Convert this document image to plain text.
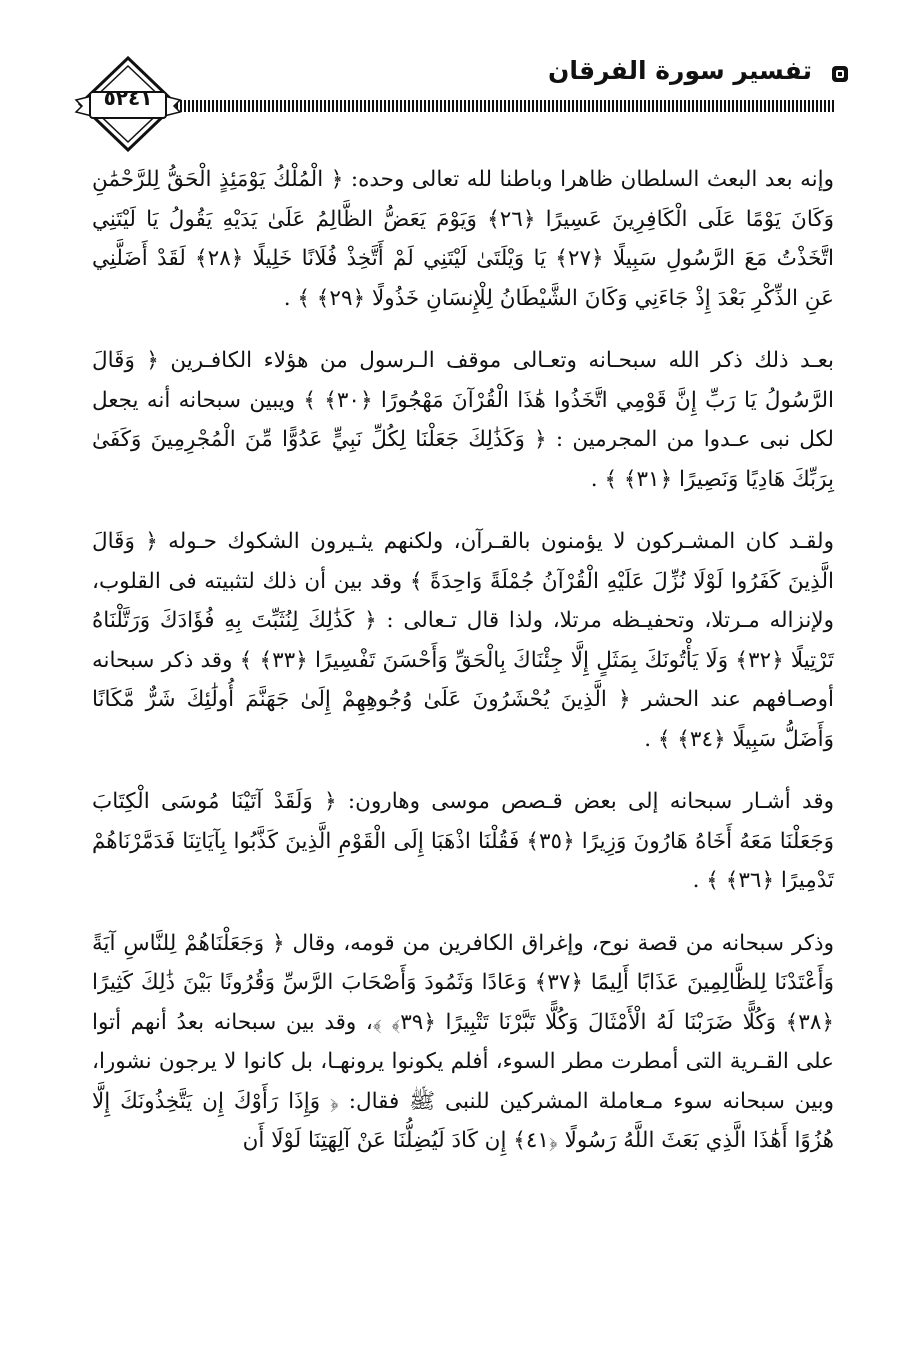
تفسير سورة الفرقان
٥٢٤١

وإنه بعد البعث السلطان ظاهرا وباطنا لله تعالى وحده: ﴿ الْمُلْكُ يَوْمَئِذٍ الْحَقُّ لِلرَّحْمَٰنِ وَكَانَ يَوْمًا عَلَى الْكَافِرِينَ عَسِيرًا ﴿٢٦﴾ وَيَوْمَ يَعَضُّ الظَّالِمُ عَلَىٰ يَدَيْهِ يَقُولُ يَا لَيْتَنِي اتَّخَذْتُ مَعَ الرَّسُولِ سَبِيلًا ﴿٢٧﴾ يَا وَيْلَتَىٰ لَيْتَنِي لَمْ أَتَّخِذْ فُلَانًا خَلِيلًا ﴿٢٨﴾ لَقَدْ أَضَلَّنِي عَنِ الذِّكْرِ بَعْدَ إِذْ جَاءَنِي وَكَانَ الشَّيْطَانُ لِلْإِنسَانِ خَذُولًا ﴿٢٩﴾ ﴾ .

بعـد ذلك ذكر الله سبحـانه وتعـالى موقف الـرسول من هؤلاء الكافـرين ﴿ وَقَالَ الرَّسُولُ يَا رَبِّ إِنَّ قَوْمِي اتَّخَذُوا هَٰذَا الْقُرْآنَ مَهْجُورًا ﴿٣٠﴾ ﴾ ويبين سبحانه أنه يجعل لكل نبى عـدوا من المجرمين : ﴿ وَكَذَٰلِكَ جَعَلْنَا لِكُلِّ نَبِيٍّ عَدُوًّا مِّنَ الْمُجْرِمِينَ وَكَفَىٰ بِرَبِّكَ هَادِيًا وَنَصِيرًا ﴿٣١﴾ ﴾ .

ولقـد كان المشـركون لا يؤمنون بالقـرآن، ولكنهم يثـيرون الشكوك حـوله ﴿ وَقَالَ الَّذِينَ كَفَرُوا لَوْلَا نُزِّلَ عَلَيْهِ الْقُرْآنُ جُمْلَةً وَاحِدَةً ﴾ وقد بين أن ذلك لتثبيته فى القلوب، ولإنزاله مـرتلا، وتحفيـظه مرتلا، ولذا قال تـعالى : ﴿ كَذَٰلِكَ لِنُثَبِّتَ بِهِ فُؤَادَكَ وَرَتَّلْنَاهُ تَرْتِيلًا ﴿٣٢﴾ وَلَا يَأْتُونَكَ بِمَثَلٍ إِلَّا جِئْنَاكَ بِالْحَقِّ وَأَحْسَنَ تَفْسِيرًا ﴿٣٣﴾ ﴾ وقد ذكر سبحانه أوصـافهم عند الحشر ﴿ الَّذِينَ يُحْشَرُونَ عَلَىٰ وُجُوهِهِمْ إِلَىٰ جَهَنَّمَ أُولَٰئِكَ شَرٌّ مَّكَانًا وَأَضَلُّ سَبِيلًا ﴿٣٤﴾ ﴾ .

وقد أشـار سبحانه إلى بعض قـصص موسى وهارون: ﴿ وَلَقَدْ آتَيْنَا مُوسَى الْكِتَابَ وَجَعَلْنَا مَعَهُ أَخَاهُ هَارُونَ وَزِيرًا ﴿٣٥﴾ فَقُلْنَا اذْهَبَا إِلَى الْقَوْمِ الَّذِينَ كَذَّبُوا بِآيَاتِنَا فَدَمَّرْنَاهُمْ تَدْمِيرًا ﴿٣٦﴾ ﴾ .

وذكر سبحانه من قصة نوح، وإغراق الكافرين من قومه، وقال ﴿ وَجَعَلْنَاهُمْ لِلنَّاسِ آيَةً وَأَعْتَدْنَا لِلظَّالِمِينَ عَذَابًا أَلِيمًا ﴿٣٧﴾ وَعَادًا وَثَمُودَ وَأَصْحَابَ الرَّسِّ وَقُرُونًا بَيْنَ ذَٰلِكَ كَثِيرًا ﴿٣٨﴾ وَكُلًّا ضَرَبْنَا لَهُ الْأَمْثَالَ وَكُلًّا تَبَّرْنَا تَتْبِيرًا ﴿٣٩﴾ ﴾، وقد بين سبحانه بعدُ أنهم أتوا على القـرية التى أمطرت مطر السوء، أفلم يكونوا يرونهـا، بل كانوا لا يرجون نشورا، وبين سبحانه سوء مـعاملة المشركين للنبى ﷺ فقال: ﴿ وَإِذَا رَأَوْكَ إِن يَتَّخِذُونَكَ إِلَّا هُزُوًا أَهَٰذَا الَّذِي بَعَثَ اللَّهُ رَسُولًا ﴿٤١﴾ إِن كَادَ لَيُضِلُّنَا عَنْ آلِهَتِنَا لَوْلَا أَن
